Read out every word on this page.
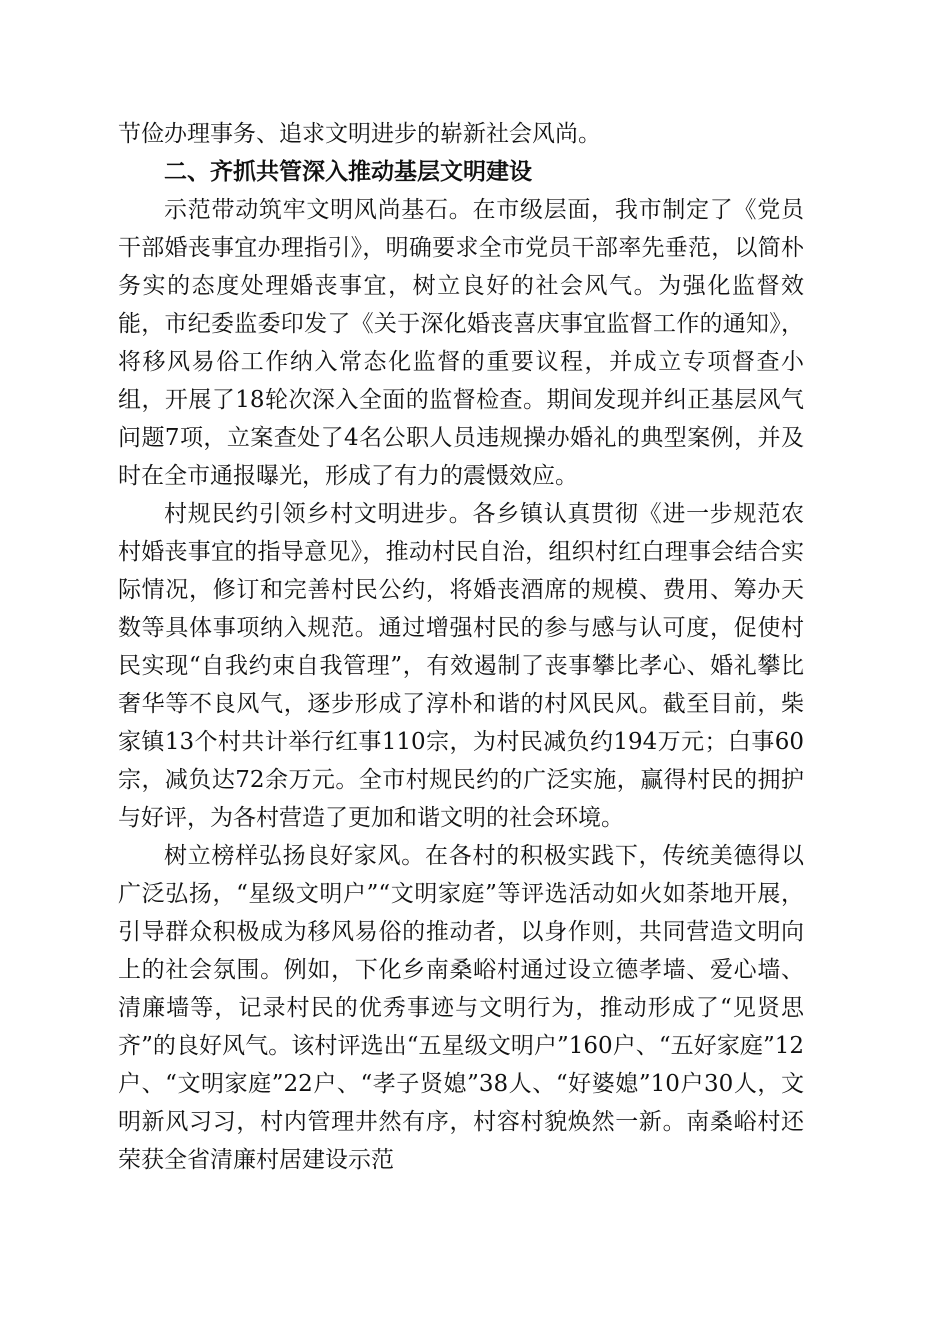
节俭办理事务、追求文明进步的崭新社会风尚。

二、齐抓共管深入推动基层文明建设

示范带动筑牢文明风尚基石。在市级层面，我市制定了《党员干部婚丧事宜办理指引》，明确要求全市党员干部率先垂范，以简朴务实的态度处理婚丧事宜，树立良好的社会风气。为强化监督效能，市纪委监委印发了《关于深化婚丧喜庆事宜监督工作的通知》，将移风易俗工作纳入常态化监督的重要议程，并成立专项督查小组，开展了18轮次深入全面的监督检查。期间发现并纠正基层风气问题7项，立案查处了4名公职人员违规操办婚礼的典型案例，并及时在全市通报曝光，形成了有力的震慑效应。

村规民约引领乡村文明进步。各乡镇认真贯彻《进一步规范农村婚丧事宜的指导意见》，推动村民自治，组织村红白理事会结合实际情况，修订和完善村民公约，将婚丧酒席的规模、费用、筹办天数等具体事项纳入规范。通过增强村民的参与感与认可度，促使村民实现“自我约束自我管理”，有效遏制了丧事攀比孝心、婚礼攀比奢华等不良风气，逐步形成了淳朴和谐的村风民风。截至目前，柴家镇13个村共计举行红事110宗，为村民减负约194万元；白事60宗，减负达72余万元。全市村规民约的广泛实施，赢得村民的拥护与好评，为各村营造了更加和谐文明的社会环境。

树立榜样弘扬良好家风。在各村的积极实践下，传统美德得以广泛弘扬，“星级文明户”“文明家庭”等评选活动如火如荼地开展，引导群众积极成为移风易俗的推动者，以身作则，共同营造文明向上的社会氛围。例如，下化乡南桑峪村通过设立德孝墙、爱心墙、清廉墙等，记录村民的优秀事迹与文明行为，推动形成了“见贤思齐”的良好风气。该村评选出“五星级文明户”160户、“五好家庭”12户、“文明家庭”22户、“孝子贤媳”38人、“好婆媳”10户30人，文明新风习习，村内管理井然有序，村容村貌焕然一新。南桑峪村还荣获全省清廉村居建设示范
